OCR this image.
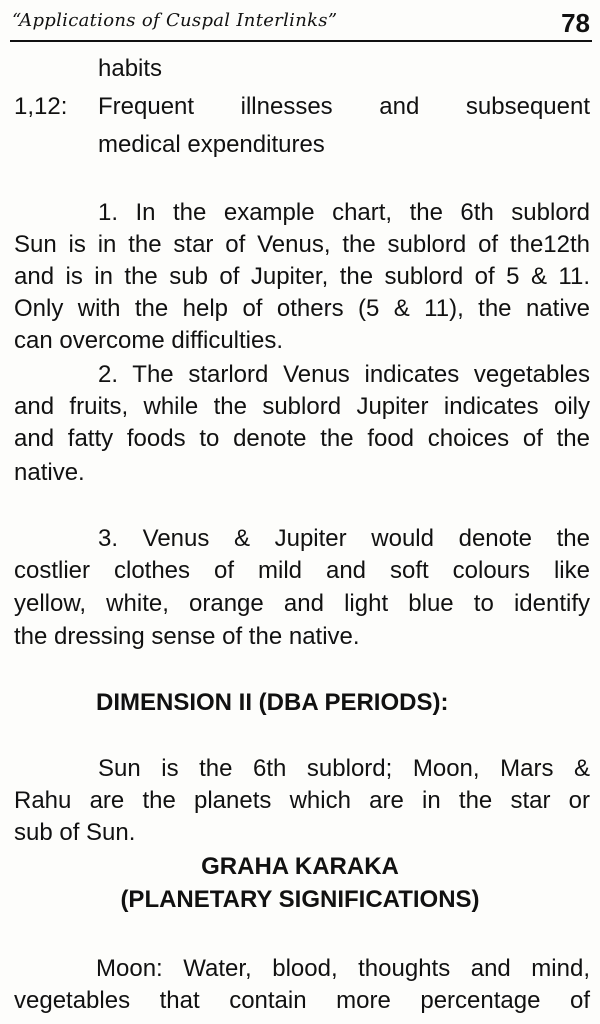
“Applications of Cuspal Interlinks”	78
habits
1,12:	Frequent illnesses and subsequent
medical expenditures
1. In the example chart, the 6th sublord
Sun is in the star of Venus, the sublord of the12th
and is in the sub of Jupiter, the sublord of 5 & 11.
Only with the help of others (5 & 11), the native
can overcome difficulties.
2. The starlord Venus indicates vegetables
and fruits, while the sublord Jupiter indicates oily
and fatty foods to denote the food choices of the
native.
3. Venus & Jupiter would denote the
costlier clothes of mild and soft colours like
yellow, white, orange and light blue to identify
the dressing sense of the native.
DIMENSION II (DBA PERIODS):
Sun is the 6th sublord; Moon, Mars &
Rahu are the planets which are in the star or
sub of Sun.
GRAHA KARAKA
(PLANETARY SIGNIFICATIONS)
Moon: Water, blood, thoughts and mind,
vegetables that contain more percentage of
